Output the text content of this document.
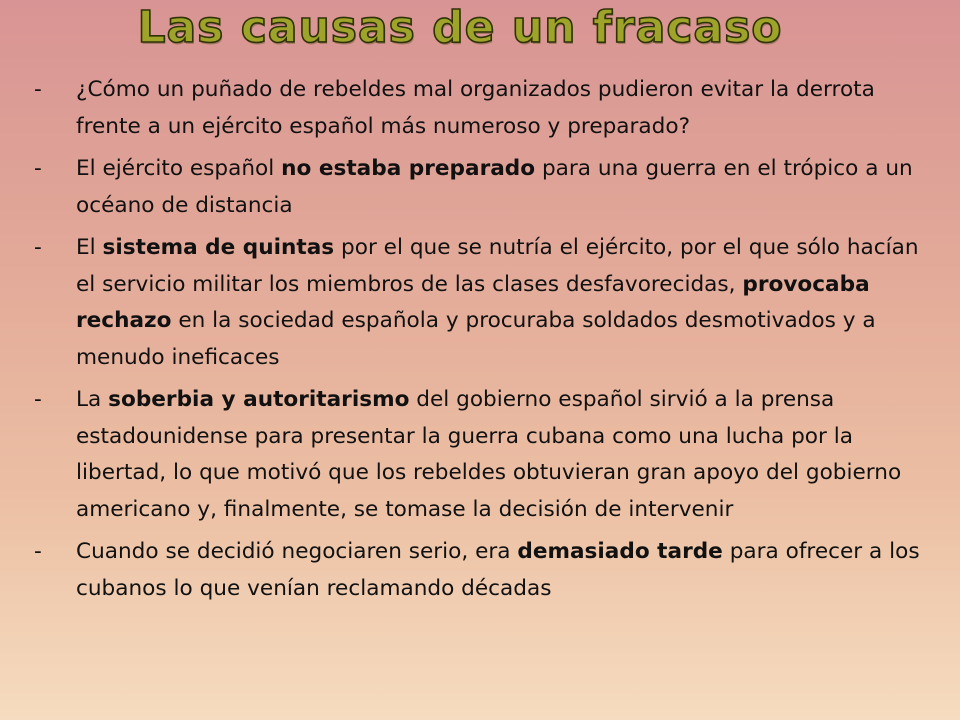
Las causas de un fracaso
- ¿Cómo un puñado de rebeldes mal organizados pudieron evitar la derrota frente a un ejército español más numeroso y preparado?
- El ejército español no estaba preparado para una guerra en el trópico a un océano de distancia
- El sistema de quintas por el que se nutría el ejército, por el que sólo hacían el servicio militar los miembros de las clases desfavorecidas, provocaba rechazo en la sociedad española y procuraba soldados desmotivados y a menudo ineficaces
- La soberbia y autoritarismo del gobierno español sirvió a la prensa estadounidense para presentar la guerra cubana como una lucha por la libertad, lo que motivó que los rebeldes obtuvieran gran apoyo del gobierno americano y, finalmente, se tomase la decisión de intervenir
- Cuando se decidió negociaren serio, era demasiado tarde para ofrecer a los cubanos lo que venían reclamando décadas
